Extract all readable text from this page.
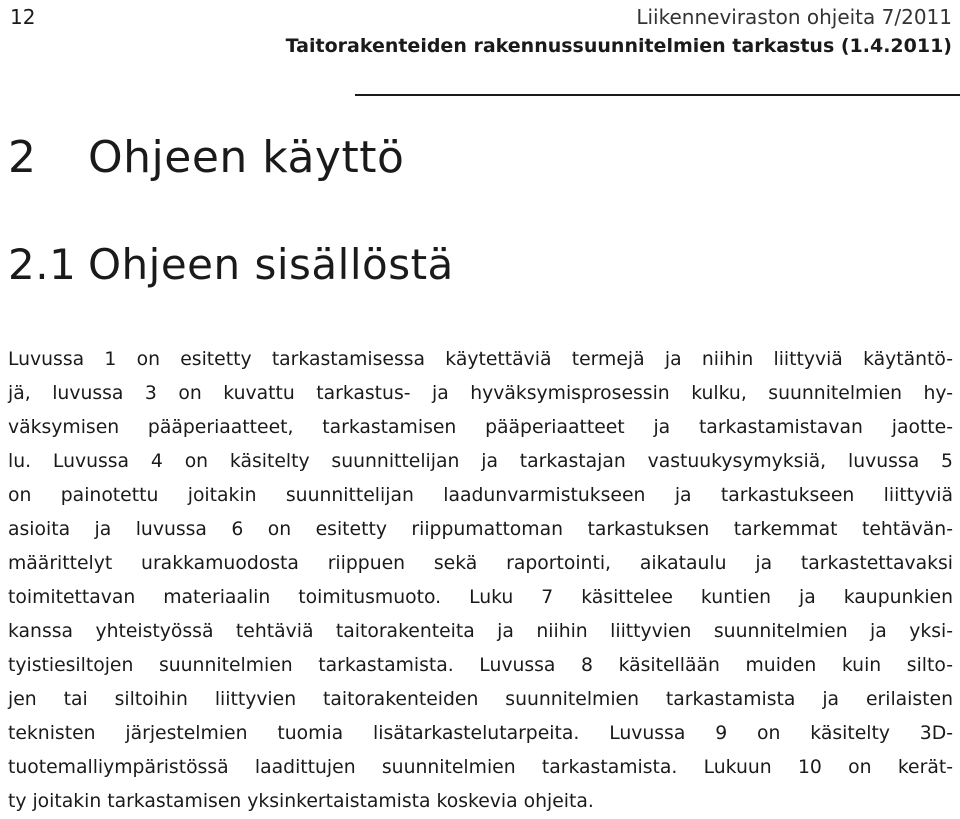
12	Liikenneviraston ohjeita 7/2011
Taitorakenteiden rakennussuunnitelmien tarkastus (1.4.2011)
2 Ohjeen käyttö
2.1 Ohjeen sisällöstä
Luvussa 1 on esitetty tarkastamisessa käytettäviä termejä ja niihin liittyviä käytäntö-
jä, luvussa 3 on kuvattu tarkastus- ja hyväksymisprosessin kulku, suunnitelmien hy-
väksymisen pääperiaatteet, tarkastamisen pääperiaatteet ja tarkastamistavan jaotte-
lu. Luvussa 4 on käsitelty suunnittelijan ja tarkastajan vastuukysymyksiä, luvussa 5
on painotettu joitakin suunnittelijan laadunvarmistukseen ja tarkastukseen liittyviä
asioita ja luvussa 6 on esitetty riippumattoman tarkastuksen tarkemmat tehtävän-
määrittelyt urakkamuodosta riippuen sekä raportointi, aikataulu ja tarkastettavaksi
toimitettavan materiaalin toimitusmuoto. Luku 7 käsittelee kuntien ja kaupunkien
kanssa yhteistyössä tehtäviä taitorakenteita ja niihin liittyvien suunnitelmien ja yksi-
tyistiesiltojen suunnitelmien tarkastamista. Luvussa 8 käsitellään muiden kuin silto-
jen tai siltoihin liittyvien taitorakenteiden suunnitelmien tarkastamista ja erilaisten
teknisten järjestelmien tuomia lisätarkastelutarpeita. Luvussa 9 on käsitelty 3D-
tuotemalliympäristössä laadittujen suunnitelmien tarkastamista. Lukuun 10 on kerät-
ty joitakin tarkastamisen yksinkertaistamista koskevia ohjeita.
